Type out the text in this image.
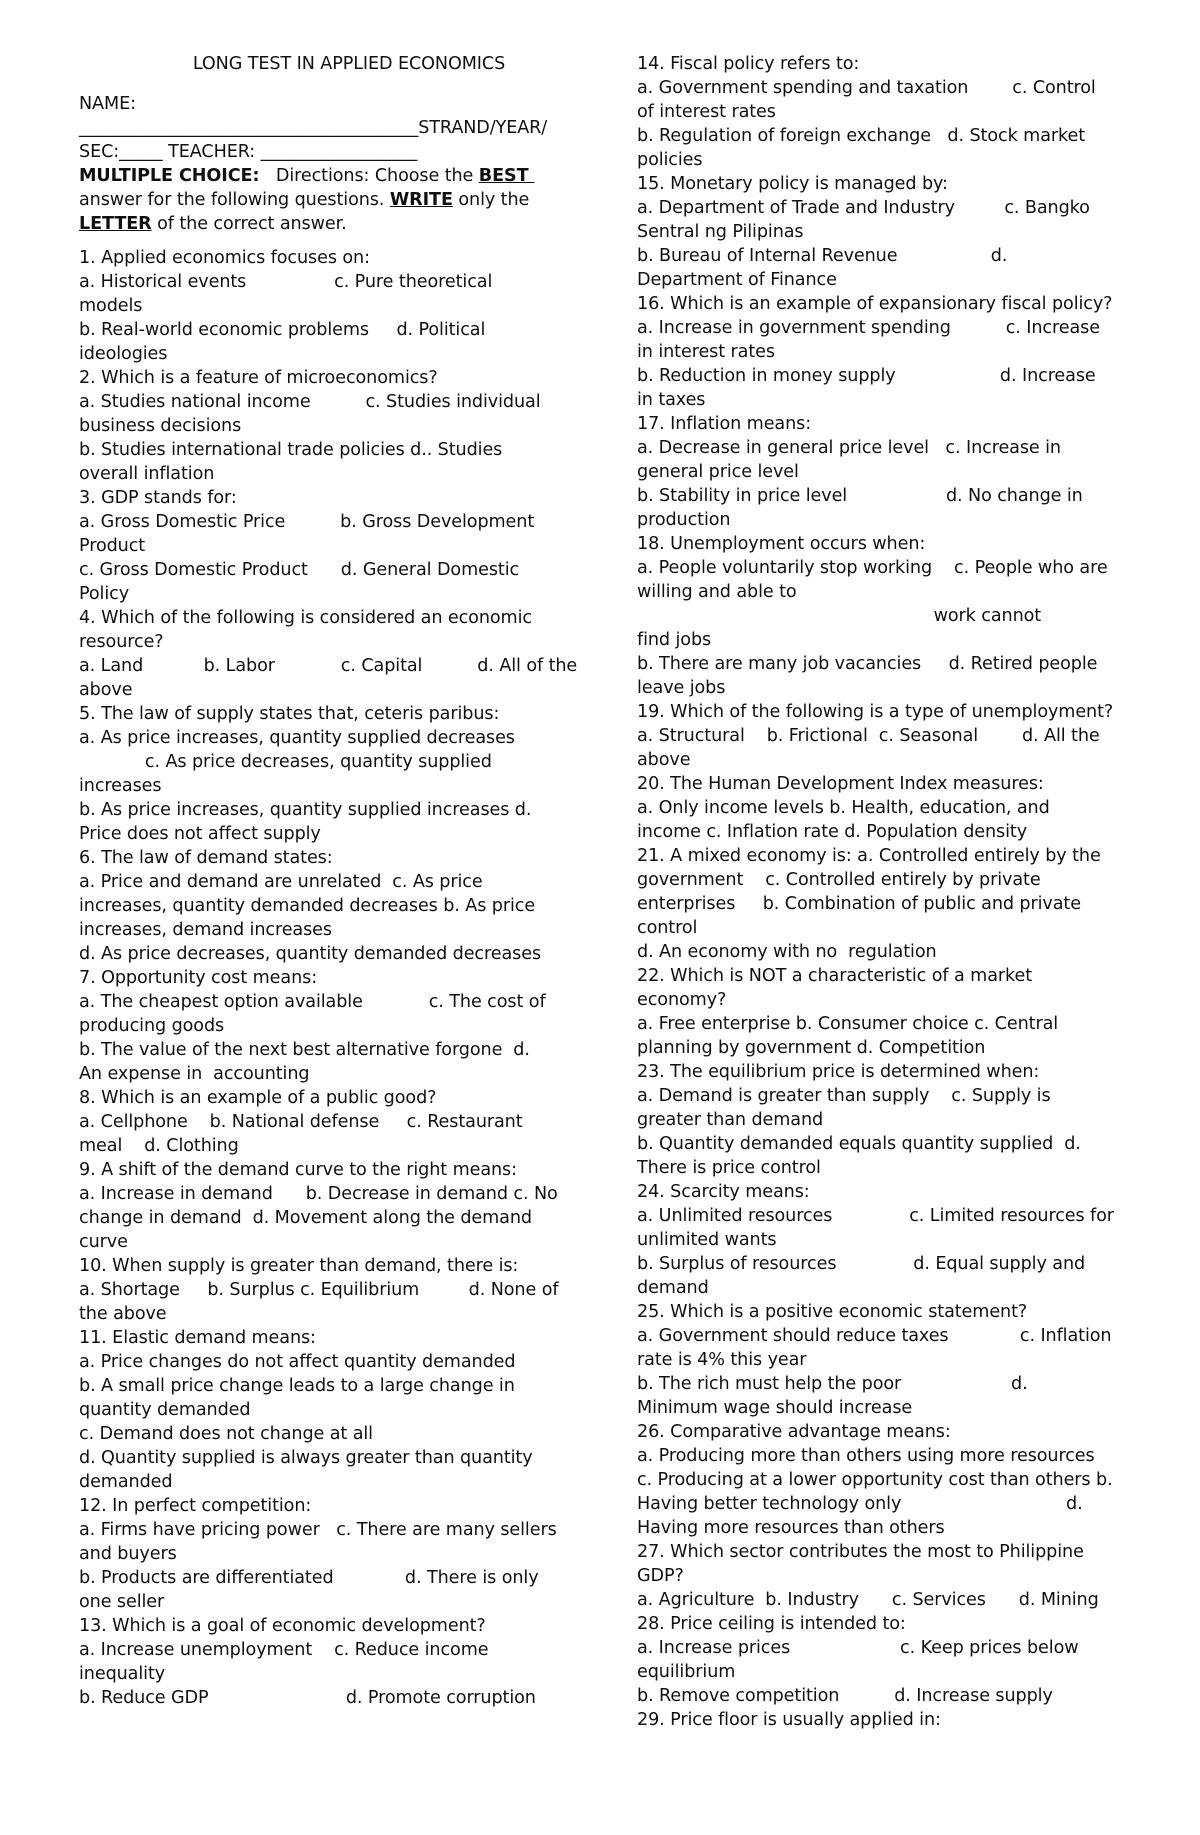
LONG TEST IN APPLIED ECONOMICS
NAME:
_______________________________________STRAND/YEAR/
SEC:_____ TEACHER: __________________
MULTIPLE CHOICE:   Directions: Choose the BEST
answer for the following questions. WRITE only the
LETTER of the correct answer.
1. Applied economics focuses on:
a. Historical events                c. Pure theoretical
models
b. Real-world economic problems     d. Political
ideologies
2. Which is a feature of microeconomics?
a. Studies national income          c. Studies individual
business decisions
b. Studies international trade policies d.. Studies
overall inflation
3. GDP stands for:
a. Gross Domestic Price          b. Gross Development
Product
c. Gross Domestic Product      d. General Domestic
Policy
4. Which of the following is considered an economic
resource?
a. Land           b. Labor            c. Capital          d. All of the
above
5. The law of supply states that, ceteris paribus:
a. As price increases, quantity supplied decreases
c. As price decreases, quantity supplied
increases
b. As price increases, quantity supplied increases d.
Price does not affect supply
6. The law of demand states:
a. Price and demand are unrelated  c. As price
increases, quantity demanded decreases b. As price
increases, demand increases
d. As price decreases, quantity demanded decreases
7. Opportunity cost means:
a. The cheapest option available            c. The cost of
producing goods
b. The value of the next best alternative forgone  d.
An expense in  accounting
8. Which is an example of a public good?
a. Cellphone    b. National defense     c. Restaurant
meal    d. Clothing
9. A shift of the demand curve to the right means:
a. Increase in demand      b. Decrease in demand c. No
change in demand  d. Movement along the demand
curve
10. When supply is greater than demand, there is:
a. Shortage     b. Surplus c. Equilibrium         d. None of
the above
11. Elastic demand means:
a. Price changes do not affect quantity demanded
b. A small price change leads to a large change in
quantity demanded
c. Demand does not change at all
d. Quantity supplied is always greater than quantity
demanded
12. In perfect competition:
a. Firms have pricing power   c. There are many sellers
and buyers
b. Products are differentiated             d. There is only
one seller
13. Which is a goal of economic development?
a. Increase unemployment    c. Reduce income
inequality
b. Reduce GDP                         d. Promote corruption
14. Fiscal policy refers to:
a. Government spending and taxation        c. Control
of interest rates
b. Regulation of foreign exchange   d. Stock market
policies
15. Monetary policy is managed by:
a. Department of Trade and Industry         c. Bangko
Sentral ng Pilipinas
b. Bureau of Internal Revenue                 d.
Department of Finance
16. Which is an example of expansionary fiscal policy?
a. Increase in government spending          c. Increase
in interest rates
b. Reduction in money supply                   d. Increase
in taxes
17. Inflation means:
a. Decrease in general price level   c. Increase in
general price level
b. Stability in price level                  d. No change in
production
18. Unemployment occurs when:
a. People voluntarily stop working    c. People who are
willing and able to
work cannot
find jobs
b. There are many job vacancies     d. Retired people
leave jobs
19. Which of the following is a type of unemployment?
a. Structural    b. Frictional  c. Seasonal        d. All the
above
20. The Human Development Index measures:
a. Only income levels b. Health, education, and
income c. Inflation rate d. Population density
21. A mixed economy is: a. Controlled entirely by the
government    c. Controlled entirely by private
enterprises     b. Combination of public and private
control
d. An economy with no  regulation
22. Which is NOT a characteristic of a market
economy?
a. Free enterprise b. Consumer choice c. Central
planning by government d. Competition
23. The equilibrium price is determined when:
a. Demand is greater than supply    c. Supply is
greater than demand
b. Quantity demanded equals quantity supplied  d.
There is price control
24. Scarcity means:
a. Unlimited resources              c. Limited resources for
unlimited wants
b. Surplus of resources              d. Equal supply and
demand
25. Which is a positive economic statement?
a. Government should reduce taxes             c. Inflation
rate is 4% this year
b. The rich must help the poor                    d.
Minimum wage should increase
26. Comparative advantage means:
a. Producing more than others using more resources
c. Producing at a lower opportunity cost than others b.
Having better technology only                              d.
Having more resources than others
27. Which sector contributes the most to Philippine
GDP?
a. Agriculture  b. Industry      c. Services      d. Mining
28. Price ceiling is intended to:
a. Increase prices                    c. Keep prices below
equilibrium
b. Remove competition          d. Increase supply
29. Price floor is usually applied in:
